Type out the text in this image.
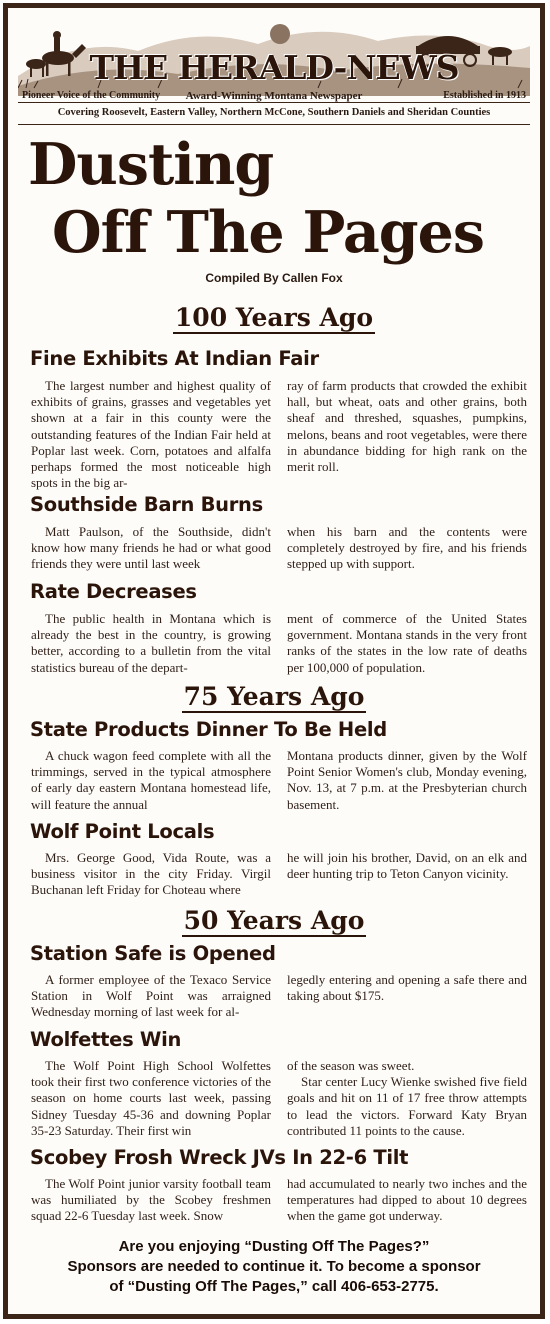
THE HERALD-NEWS
Pioneer Voice of the Community	Award-Winning Montana Newspaper	Established in 1913
Covering Roosevelt, Eastern Valley, Northern McCone, Southern Daniels and Sheridan Counties
Dusting
Off The Pages
Compiled By Callen Fox
100 Years Ago
Fine Exhibits At Indian Fair

The largest number and highest quality of exhibits of grains, grasses and vegetables yet shown at a fair in this county were the outstanding features of the Indian Fair held at Poplar last week. Corn, potatoes and alfalfa perhaps formed the most noticeable high spots in the big ar-

ray of farm products that crowded the exhibit hall, but wheat, oats and other grains, both sheaf and threshed, squashes, pumpkins, melons, beans and root vegetables, were there in abundance bidding for high rank on the merit roll.

Southside Barn Burns

Matt Paulson, of the Southside, didn't know how many friends he had or what good friends they were until last week

when his barn and the contents were completely destroyed by fire, and his friends stepped up with support.

Rate Decreases

The public health in Montana which is already the best in the country, is growing better, according to a bulletin from the vital statistics bureau of the depart-

ment of commerce of the United States government. Montana stands in the very front ranks of the states in the low rate of deaths per 100,000 of population.

75 Years Ago
State Products Dinner To Be Held

A chuck wagon feed complete with all the trimmings, served in the typical atmosphere of early day eastern Montana homestead life, will feature the annual

Montana products dinner, given by the Wolf Point Senior Women's club, Monday evening, Nov. 13, at 7 p.m. at the Presbyterian church basement.

Wolf Point Locals

Mrs. George Good, Vida Route, was a business visitor in the city Friday. Virgil Buchanan left Friday for Choteau where

he will join his brother, David, on an elk and deer hunting trip to Teton Canyon vicinity.

50 Years Ago
Station Safe is Opened

A former employee of the Texaco Service Station in Wolf Point was arraigned Wednesday morning of last week for al-

legedly entering and opening a safe there and taking about $175.

Wolfettes Win

The Wolf Point High School Wolfettes took their first two conference victories of the season on home courts last week, passing Sidney Tuesday 45-36 and downing Poplar 35-23 Saturday. Their first win

of the season was sweet.

Star center Lucy Wienke swished five field goals and hit on 11 of 17 free throw attempts to lead the victors. Forward Katy Bryan contributed 11 points to the cause.

Scobey Frosh Wreck JVs In 22-6 Tilt

The Wolf Point junior varsity football team was humiliated by the Scobey freshmen squad 22-6 Tuesday last week. Snow

had accumulated to nearly two inches and the temperatures had dipped to about 10 degrees when the game got underway.

Are you enjoying “Dusting Off The Pages?”
Sponsors are needed to continue it. To become a sponsor
of “Dusting Off The Pages,” call 406-653-2775.
